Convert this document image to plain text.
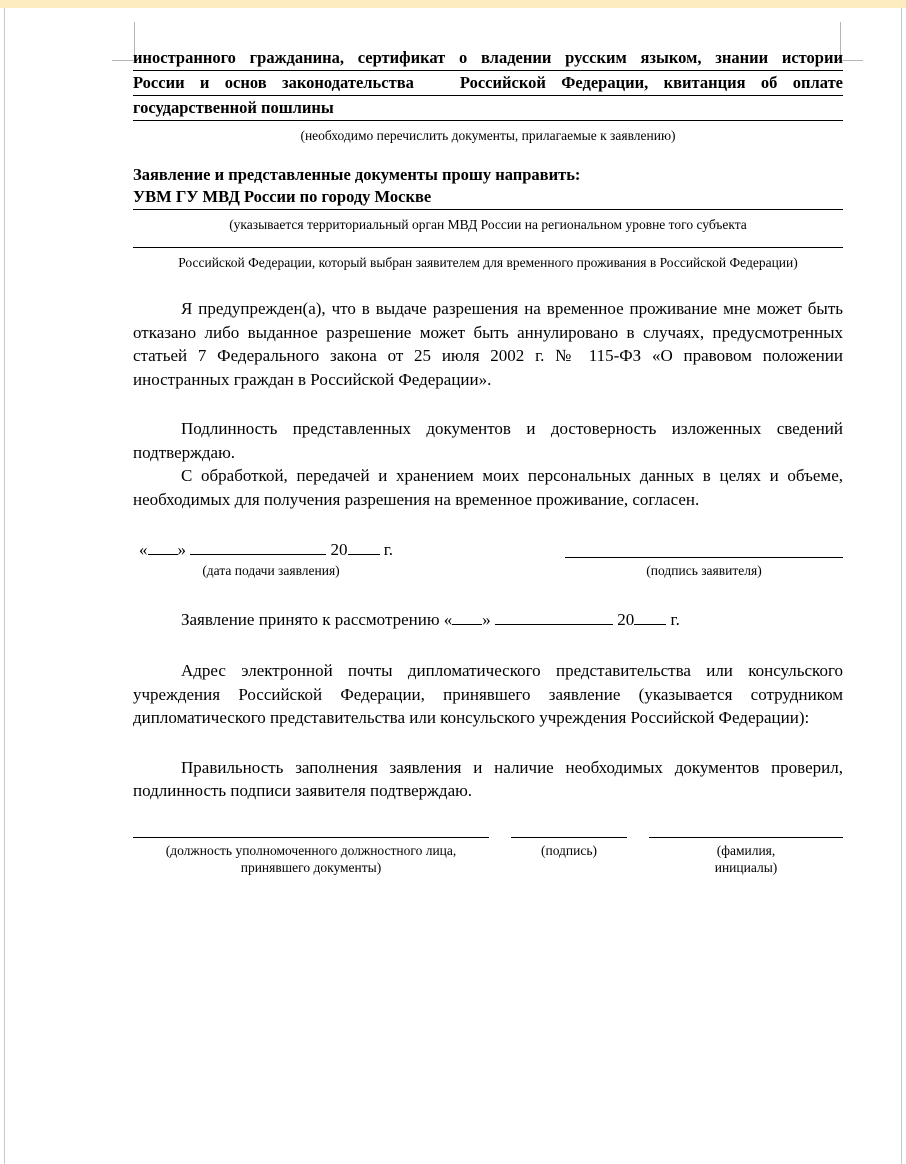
иностранного гражданина, сертификат о владении русским языком, знании истории
России и основ законодательства   Российской Федерации, квитанция об оплате
государственной пошлины
(необходимо перечислить документы, прилагаемые к заявлению)
Заявление и представленные документы прошу направить:
УВМ ГУ МВД России по городу Москве
(указывается территориальный орган МВД России на региональном уровне того субъекта
Российской Федерации, который выбран заявителем для временного проживания в Российской Федерации)

Я предупрежден(а), что в выдаче разрешения на временное проживание мне может быть отказано либо выданное разрешение может быть аннулировано в случаях, предусмотренных статьей 7 Федерального закона от 25 июля 2002 г. № 115-ФЗ «О правовом положении иностранных граждан в Российской Федерации».

Подлинность представленных документов и достоверность изложенных сведений подтверждаю.

С обработкой, передачей и хранением моих персональных данных в целях и объеме, необходимых для получения разрешения на временное проживание, согласен.

« »	20 г.
(дата подачи заявления)	(подпись заявителя)
Заявление принято к рассмотрению « »	20 г.

Адрес электронной почты дипломатического представительства или консульского учреждения Российской Федерации, принявшего заявление (указывается сотрудником дипломатического представительства или консульского учреждения Российской Федерации):

Правильность заполнения заявления и наличие необходимых документов проверил, подлинность подписи заявителя подтверждаю.

(должность уполномоченного должностного лица,
принявшего документы)
(подпись)	(фамилия,
инициалы)
